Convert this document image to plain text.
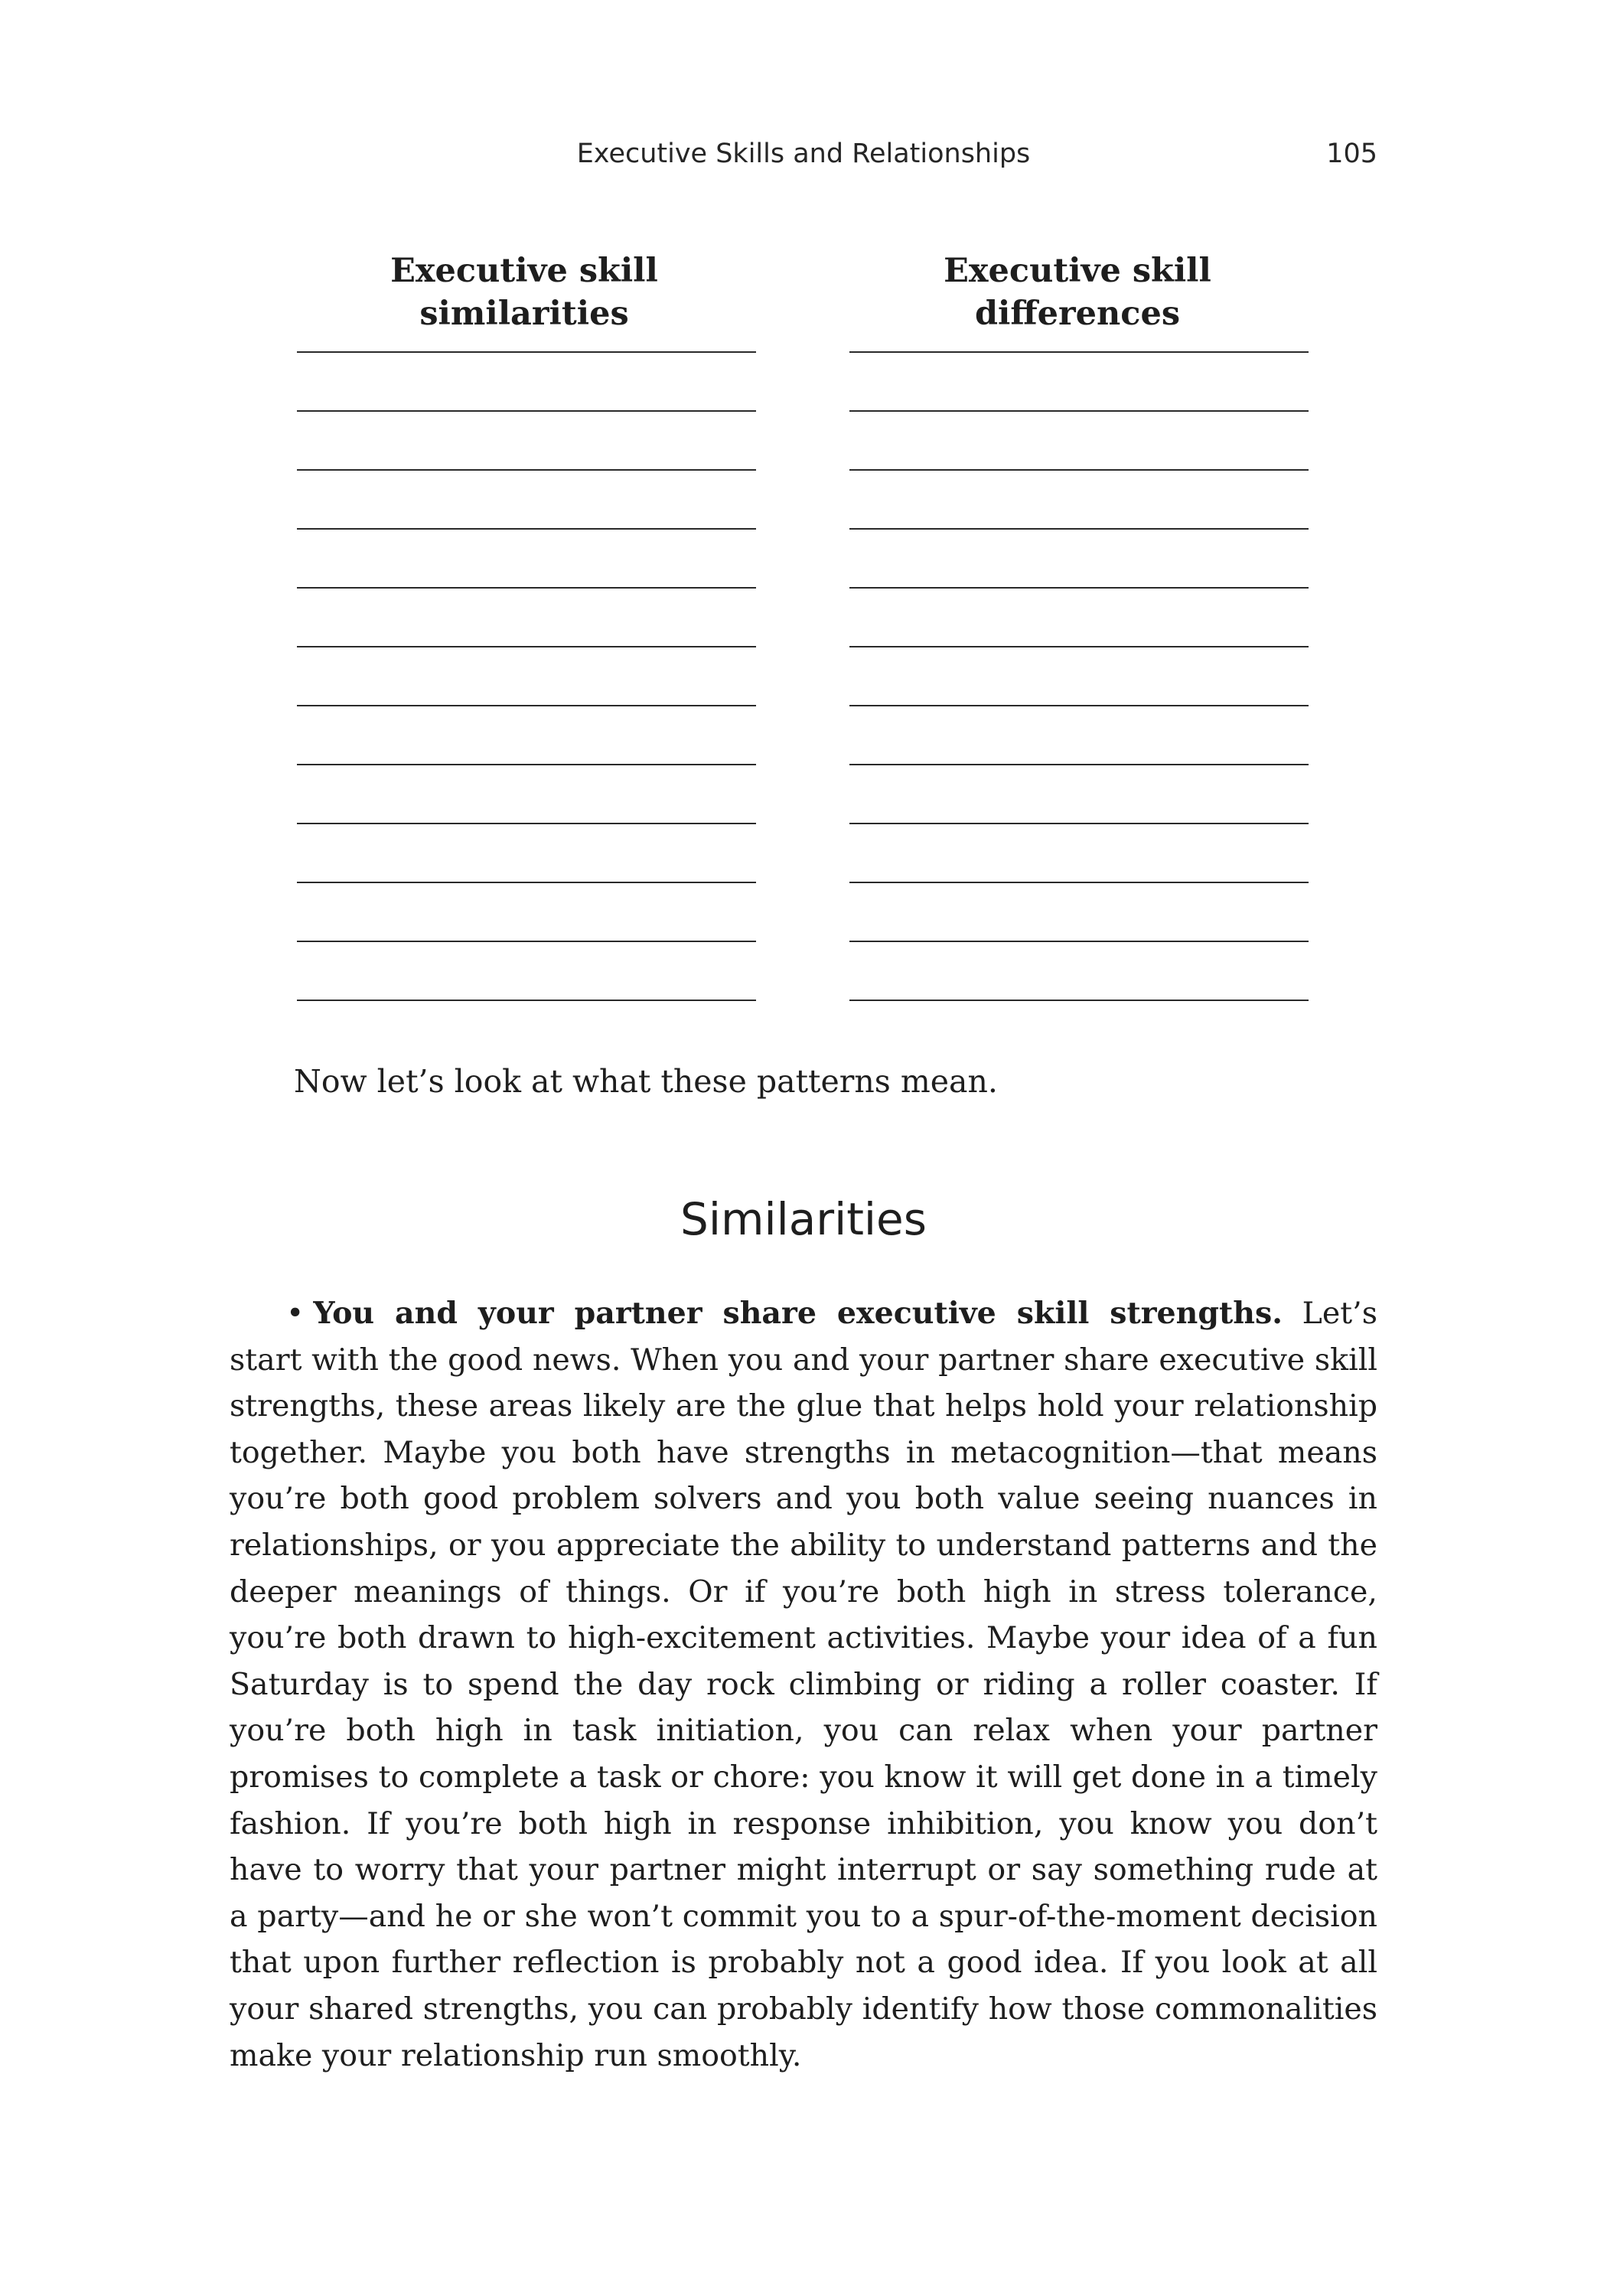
Executive Skills and Relationships	105
Executive skill similarities
Executive skill differences
Now let’s look at what these patterns mean.
Similarities

• You and your partner share executive skill strengths. Let’s start with the good news. When you and your partner share executive skill strengths, these areas likely are the glue that helps hold your relationship together. Maybe you both have strengths in metacognition—that means you’re both good problem solvers and you both value seeing nuances in relationships, or you appreciate the ability to understand patterns and the deeper meanings of things. Or if you’re both high in stress tolerance, you’re both drawn to high-excitement activities. Maybe your idea of a fun Saturday is to spend the day rock climbing or riding a roller coaster. If you’re both high in task initiation, you can relax when your partner promises to complete a task or chore: you know it will get done in a timely fashion. If you’re both high in response inhibition, you know you don’t have to worry that your partner might interrupt or say something rude at a party—and he or she won’t commit you to a spur-of-the-moment decision that upon further reflection is probably not a good idea. If you look at all your shared strengths, you can probably identify how those commonalities make your relationship run smoothly.
